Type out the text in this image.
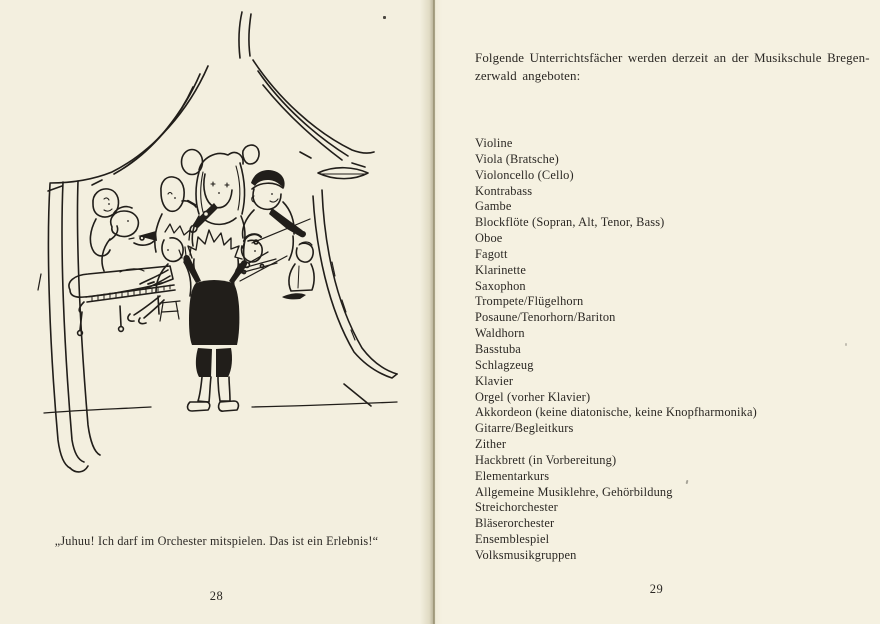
„Juhuu! Ich darf im Orchester mitspielen. Das ist ein Erlebnis!“
28
Folgende Unterrichtsfächer werden derzeit an der Musikschule Bregen-
zerwald angeboten:
Violine
Viola (Bratsche)
Violoncello (Cello)
Kontrabass
Gambe
Blockflöte (Sopran, Alt, Tenor, Bass)
Oboe
Fagott
Klarinette
Saxophon
Trompete/Flügelhorn
Posaune/Tenorhorn/Bariton
Waldhorn
Basstuba
Schlagzeug
Klavier
Orgel (vorher Klavier)
Akkordeon (keine diatonische, keine Knopfharmonika)
Gitarre/Begleitkurs
Zither
Hackbrett (in Vorbereitung)
Elementarkurs
Allgemeine Musiklehre, Gehörbildung
Streichorchester
Bläserorchester
Ensemblespiel
Volksmusikgruppen
29
